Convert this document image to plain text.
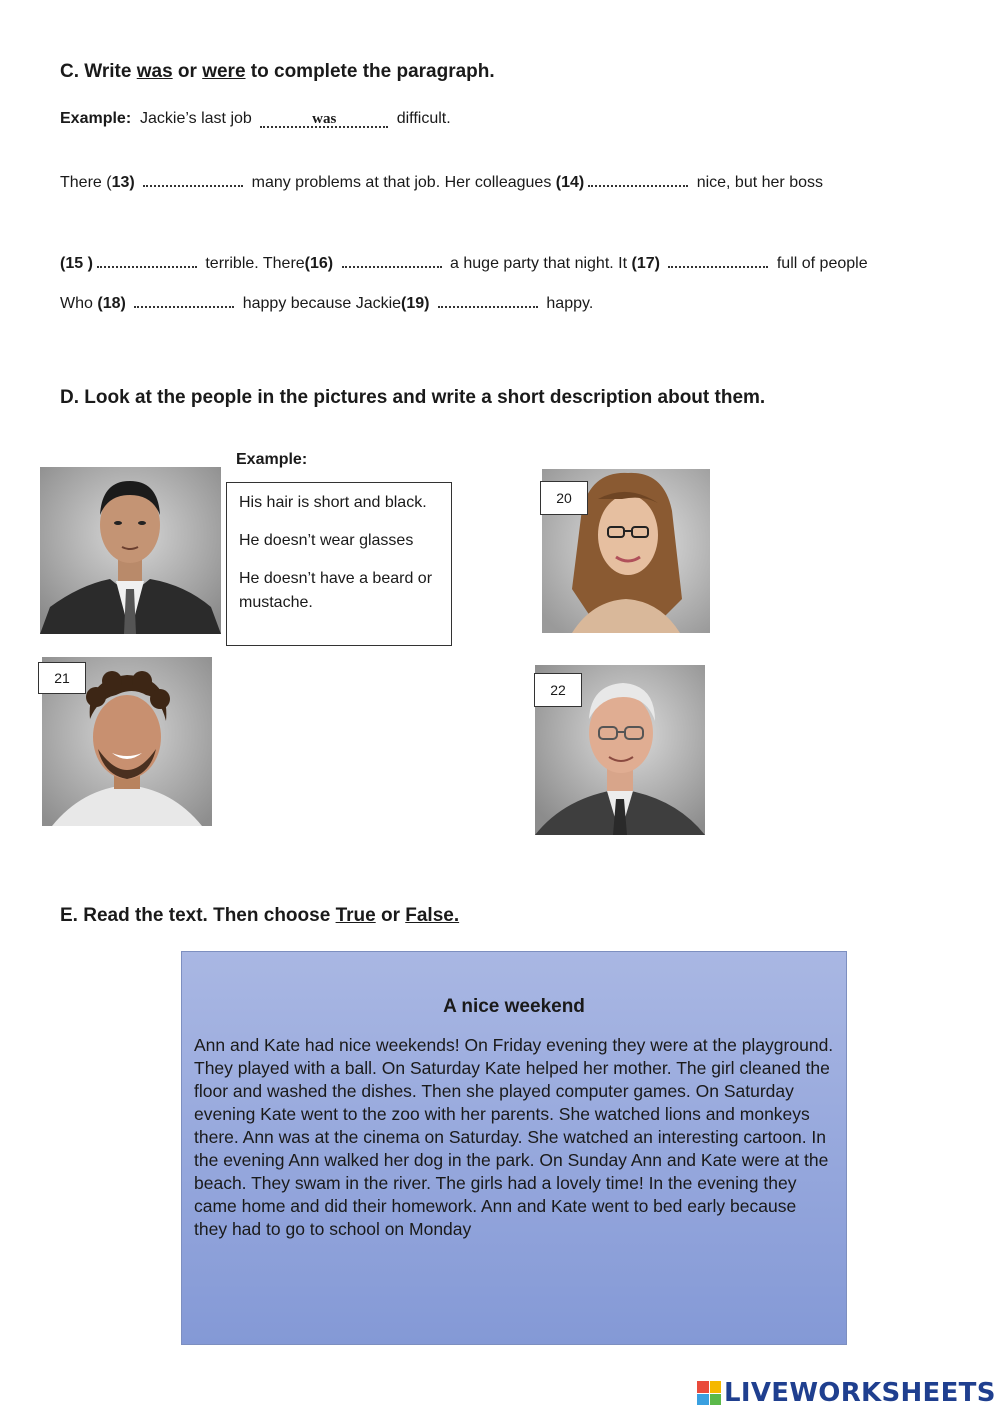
C. Write was or were to complete the paragraph.
Example: Jackie’s last job	was	difficult.
There (13)	many problems at that job. Her colleagues (14)	nice, but her boss
(15 )	terrible. There(16)	a huge party that night. It (17)	full of people
Who (18)	happy because Jackie(19)	happy.
D. Look at the people in the pictures and write a short description about them.
Example:

His hair is short and black.

He doesn’t wear glasses

He doesn’t have a beard or mustache.

20
21
22
E. Read the text. Then choose True or False.
A nice weekend
Ann and Kate had nice weekends! On Friday evening they were at the playground. They played with a ball. On Saturday Kate helped her mother. The girl cleaned the floor and washed the dishes. Then she played computer games. On Saturday evening Kate went to the zoo with her parents. She watched lions and monkeys there. Ann was at the cinema on Saturday. She watched an interesting cartoon. In the evening Ann walked her dog in the park. On Sunday Ann and Kate were at the beach. They swam in the river. The girls had a lovely time! In the evening they came home and did their homework. Ann and Kate went to bed early because they had to go to school on Monday
LIVEWORKSHEETS
